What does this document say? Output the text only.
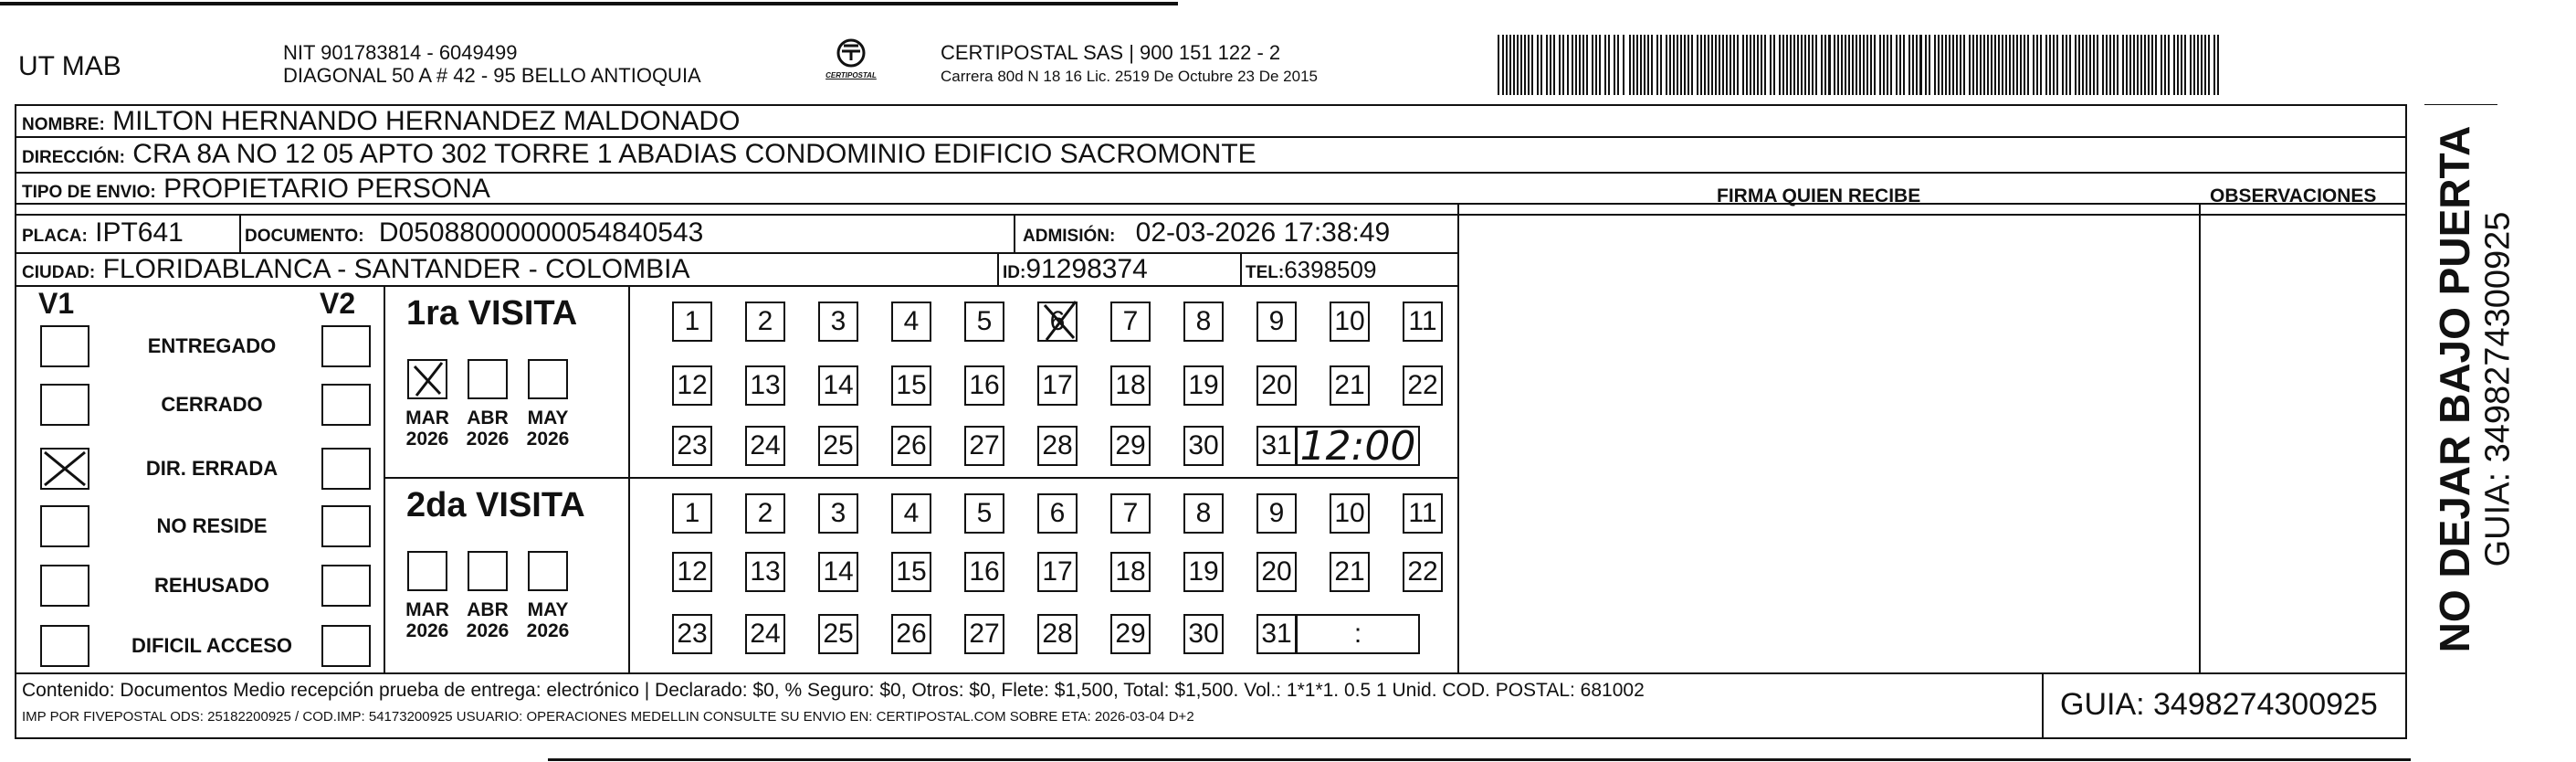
UT MAB	NIT 901783814 - 6049499
DIAGONAL 50 A # 42 - 95 BELLO ANTIOQUIA	CERTIPOSTAL
CERTIPOSTAL SAS | 900 151 122 - 2
Carrera 80d N 18 16 Lic. 2519 De Octubre 23 De 2015
NOMBRE: MILTON HERNANDO HERNANDEZ MALDONADO
DIRECCIÓN: CRA 8A NO 12 05 APTO 302 TORRE 1 ABADIAS CONDOMINIO EDIFICIO SACROMONTE
TIPO DE ENVIO: PROPIETARIO PERSONA	FIRMA QUIEN RECIBE	OBSERVACIONES
PLACA: IPT641	DOCUMENTO: D05088000000054840543	ADMISIÓN: 02-03-2026 17:38:49
CIUDAD: FLORIDABLANCA - SANTANDER - COLOMBIA	ID:91298374	TEL:6398509
V1	V2
ENTREGADO
CERRADO
DIR. ERRADA
NO RESIDE
REHUSADO
DIFICIL ACCESO
1ra VISITA
2da VISITA
MAR
2026
ABR
2026
MAY
2026
MAR
2026
ABR
2026
MAY
2026
1	2	3	4	5	6	7	8	9	10 11
12 13 14 15 16 17 18 19 20 21 22
23 24 25 26 27 28 29 30 31 12:00
1	2	3	4	5	6	7	8	9	10 11
12 13 14 15 16 17 18 19 20 21 22
23 24 25 26 27 28 29 30 31	:
Contenido: Documentos Medio recepción prueba de entrega: electrónico | Declarado: $0, % Seguro: $0, Otros: $0, Flete: $1,500, Total: $1,500. Vol.: 1*1*1. 0.5 1 Unid. COD. POSTAL: 681002
IMP POR FIVEPOSTAL ODS: 25182200925 / COD.IMP: 54173200925 USUARIO: OPERACIONES MEDELLIN CONSULTE SU ENVIO EN: CERTIPOSTAL.COM SOBRE ETA: 2026-03-04 D+2	GUIA: 3498274300925
NO DEJAR BAJO PUERTA GUIA: 3498274300925
